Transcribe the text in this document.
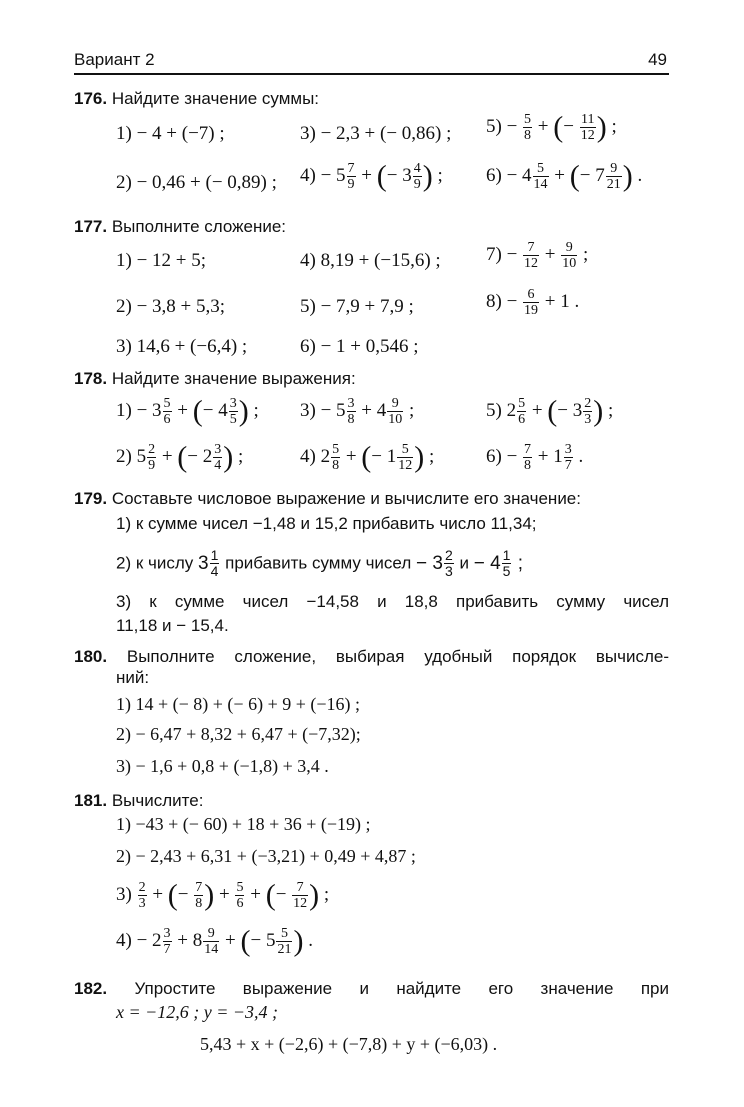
Вариант 2	49
176. Найдите значение суммы:
1) − 4 + (−7) ;	3) − 2,3 + (− 0,86) ; $5) - \frac{5}{8}$ + (− $\frac{11}{12}$ ) ;
2) − 0,46 + (− 0,89) ; $4) - 5 \frac{7}{9}$ + (− $3 \frac{4}{9}$ ) ; $6) - 4 \frac{5}{14}$ + (− $7 \frac{9}{21}$ ) .
177. Выполните сложение:
1) − 12 + 5;	4) 8,19 + (−15,6) ; $7) - \frac{7}{12} + \frac{9}{10}$ ;
2) − 3,8 + 5,3;	5) − 7,9 + 7,9 ;	$8) - \frac{6}{19} + 1$ .
3) 14,6 + (−6,4) ;	6) − 1 + 0,546 ;
178. Найдите значение выражения:
$1) - 3 \frac{5}{6}$ + (− $4 \frac{3}{5}$ ) ; $3) - 5 \frac{3}{8} + 4 \frac{9}{10}$ ;	5) $2 \frac{5}{6}$ + (− $3 \frac{2}{3}$ ) ;
2) $5 \frac{2}{9}$ + (− $2 \frac{3}{4}$ ) ;	4) $2 \frac{5}{8}$ + (− $1 \frac{5}{12}$ ) ;	$6) - \frac{7}{8} + 1 \frac{3}{7}$ .
179. Составьте числовое выражение и вычислите его значение:
1) к сумме чисел −1,48 и 15,2 прибавить число 11,34;
2) к числу $3 \frac{1}{4}$ прибавить сумму чисел − $3 \frac{2}{3}$ $и - 4 \frac{1}{5}$ ;
3) к сумме чисел −14,58 и 18,8 прибавить сумму чисел
11,18 и − 15,4.
180. Выполните сложение, выбирая удобный порядок вычисле-
ний:
1) 14 + (− 8) + (− 6) + 9 + (−16) ;
2) − 6,47 + 8,32 + 6,47 + (−7,32);
3) − 1,6 + 0,8 + (−1,8) + 3,4 .
181. Вычислите:
1) −43 + (− 60) + 18 + 36 + (−19) ;
2) − 2,43 + 6,31 + (−3,21) + 0,49 + 4,87 ;
$3) \frac{2}{3}$ + (− $\frac{7}{8}$ ) + $\frac{5}{6}$ + (− $\frac{7}{12}$ ) ;
$4) - 2 \frac{3}{7} + 8 \frac{9}{14}$ + (− $5 \frac{5}{21}$ ) .
182. Упростите выражение и найдите его значение при
x = −12,6 ; y = −3,4 ;
5,43 + x + (−2,6) + (−7,8) + y + (−6,03) .
